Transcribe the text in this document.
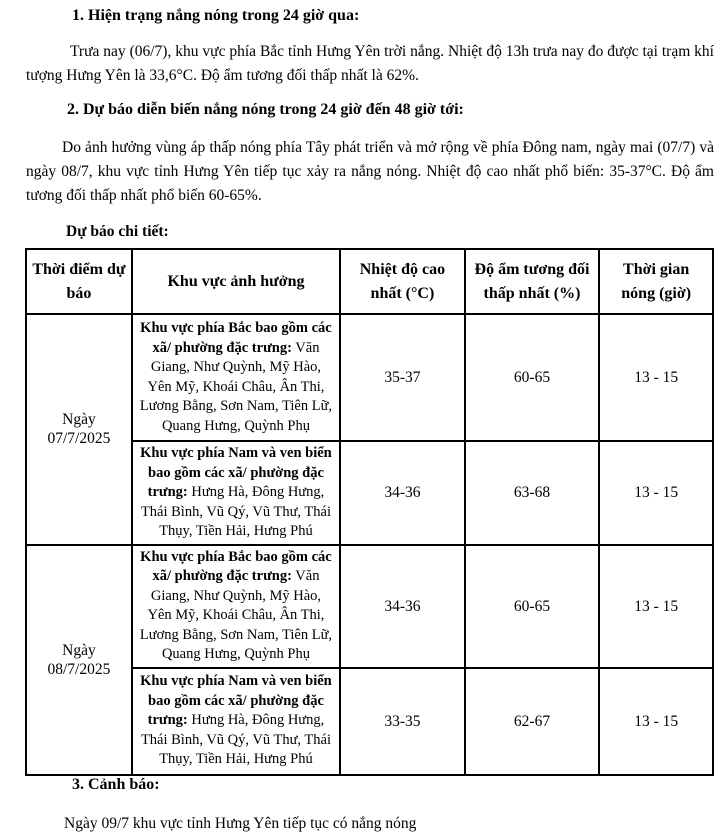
1. Hiện trạng nắng nóng trong 24 giờ qua:

Trưa nay (06/7), khu vực phía Bắc tỉnh Hưng Yên trời nắng. Nhiệt độ 13h trưa nay đo được tại trạm khí tượng Hưng Yên là 33,6°C. Độ ẩm tương đối thấp nhất là 62%.

2. Dự báo diễn biến nắng nóng trong 24 giờ đến 48 giờ tới:

Do ảnh hưởng vùng áp thấp nóng phía Tây phát triển và mở rộng về phía Đông nam, ngày mai (07/7) và ngày 08/7, khu vực tỉnh Hưng Yên tiếp tục xảy ra nắng nóng. Nhiệt độ cao nhất phổ biến: 35-37°C. Độ ẩm tương đối thấp nhất phổ biến 60-65%.

Dự báo chi tiết:
Thời điểm dự báo	Khu vực ảnh hưởng	Nhiệt độ cao nhất (°C)	Độ ẩm tương đối thấp nhất (%)	Thời gian nóng (giờ)
Ngày 07/7/2025	Khu vực phía Bắc bao gồm các xã/ phường đặc trưng: Văn Giang, Như Quỳnh, Mỹ Hào, Yên Mỹ, Khoái Châu, Ân Thi, Lương Bằng, Sơn Nam, Tiên Lữ, Quang Hưng, Quỳnh Phụ	35-37	60-65	13 - 15
	Khu vực phía Nam và ven biển bao gồm các xã/ phường đặc trưng: Hưng Hà, Đông Hưng, Thái Bình, Vũ Qý, Vũ Thư, Thái Thụy, Tiền Hải, Hưng Phú	34-36	63-68	13 - 15
Ngày 08/7/2025	Khu vực phía Bắc bao gồm các xã/ phường đặc trưng: Văn Giang, Như Quỳnh, Mỹ Hào, Yên Mỹ, Khoái Châu, Ân Thi, Lương Bằng, Sơn Nam, Tiên Lữ, Quang Hưng, Quỳnh Phụ	34-36	60-65	13 - 15
	Khu vực phía Nam và ven biển bao gồm các xã/ phường đặc trưng: Hưng Hà, Đông Hưng, Thái Bình, Vũ Qý, Vũ Thư, Thái Thụy, Tiền Hải, Hưng Phú	33-35	62-67	13 - 15
3. Cảnh báo:

Ngày 09/7 khu vực tỉnh Hưng Yên tiếp tục có nắng nóng
